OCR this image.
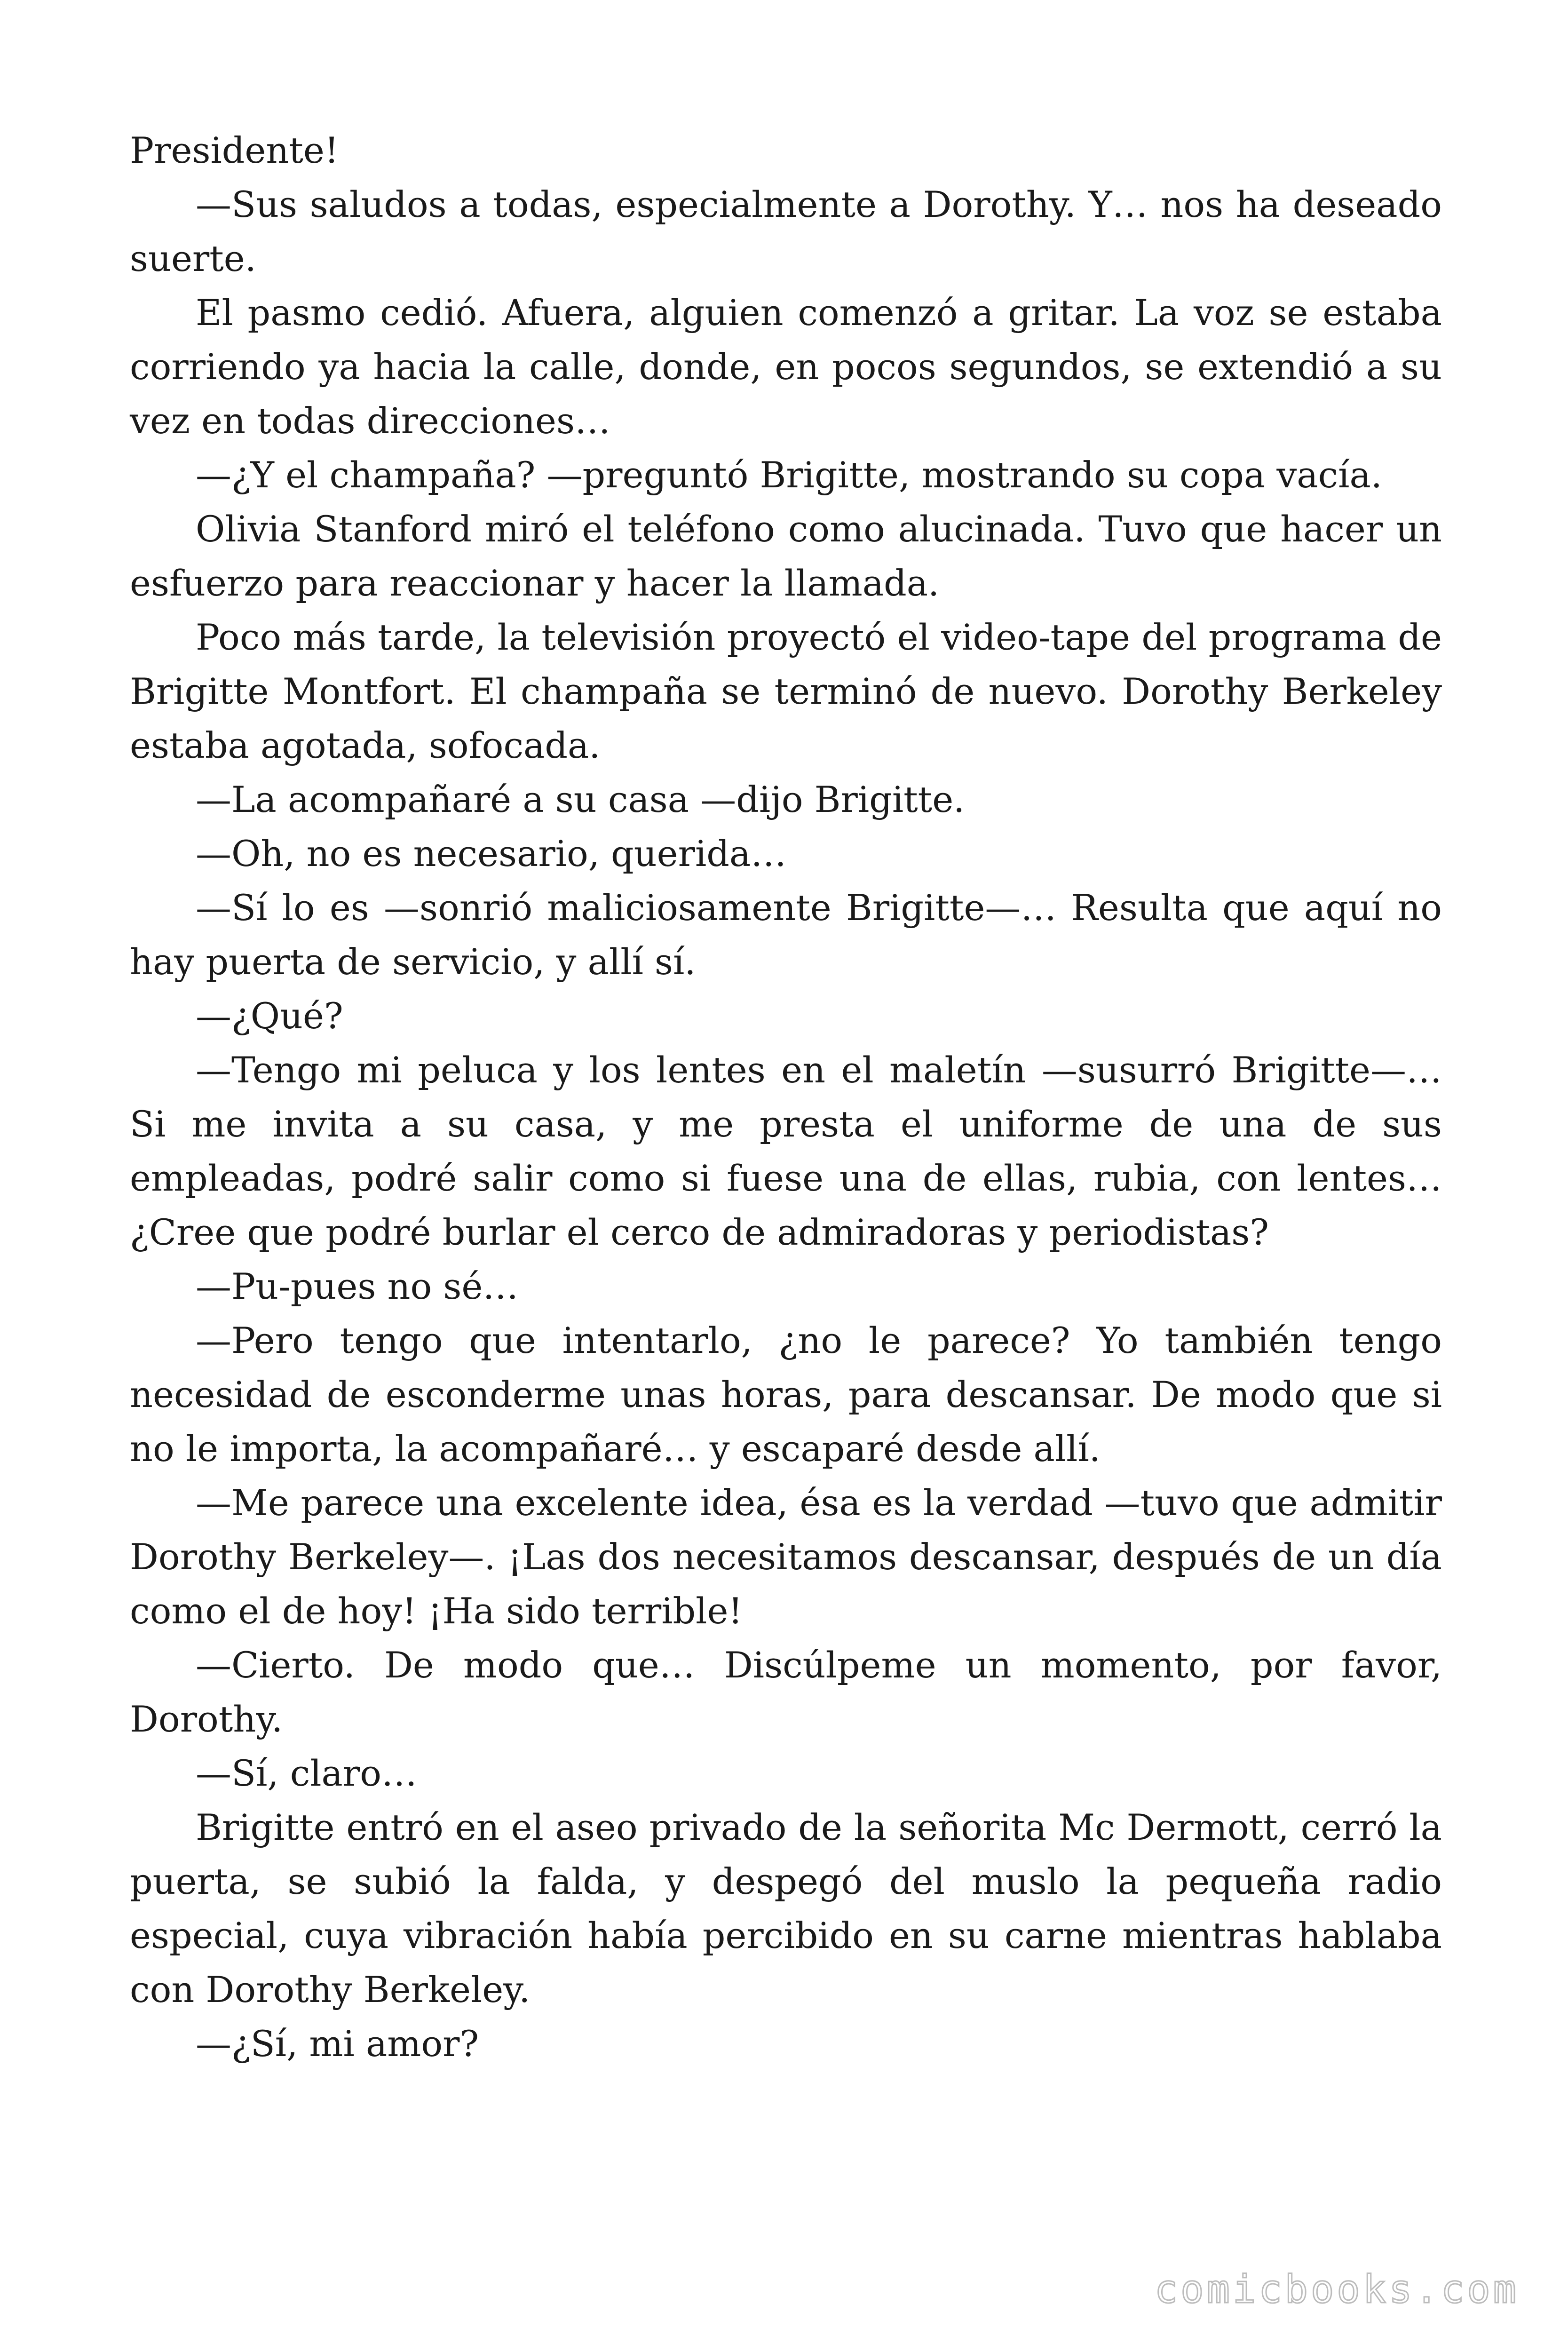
Presidente!

—Sus saludos a todas, especialmente a Dorothy. Y… nos ha deseado suerte.

El pasmo cedió. Afuera, alguien comenzó a gritar. La voz se estaba corriendo ya hacia la calle, donde, en pocos segundos, se extendió a su vez en todas direcciones…

—¿Y el champaña? —preguntó Brigitte, mostrando su copa vacía.

Olivia Stanford miró el teléfono como alucinada. Tuvo que hacer un esfuerzo para reaccionar y hacer la llamada.

Poco más tarde, la televisión proyectó el video-tape del programa de Brigitte Montfort. El champaña se terminó de nuevo. Dorothy Berkeley estaba agotada, sofocada.

—La acompañaré a su casa —dijo Brigitte.

—Oh, no es necesario, querida…

—Sí lo es —sonrió maliciosamente Brigitte—… Resulta que aquí no hay puerta de servicio, y allí sí.

—¿Qué?

—Tengo mi peluca y los lentes en el maletín —susurró Brigitte—… Si me invita a su casa, y me presta el uniforme de una de sus empleadas, podré salir como si fuese una de ellas, rubia, con lentes… ¿Cree que podré burlar el cerco de admiradoras y periodistas?

—Pu-pues no sé…

—Pero tengo que intentarlo, ¿no le parece? Yo también tengo necesidad de esconderme unas horas, para descansar. De modo que si no le importa, la acompañaré… y escaparé desde allí.

—Me parece una excelente idea, ésa es la verdad —tuvo que admitir Dorothy Berkeley—. ¡Las dos necesitamos descansar, después de un día como el de hoy! ¡Ha sido terrible!

—Cierto. De modo que… Discúlpeme un momento, por favor, Dorothy.

—Sí, claro…

Brigitte entró en el aseo privado de la señorita Mc Dermott, cerró la puerta, se subió la falda, y despegó del muslo la pequeña radio especial, cuya vibración había percibido en su carne mientras hablaba con Dorothy Berkeley.

—¿Sí, mi amor?

comicbooks.com
